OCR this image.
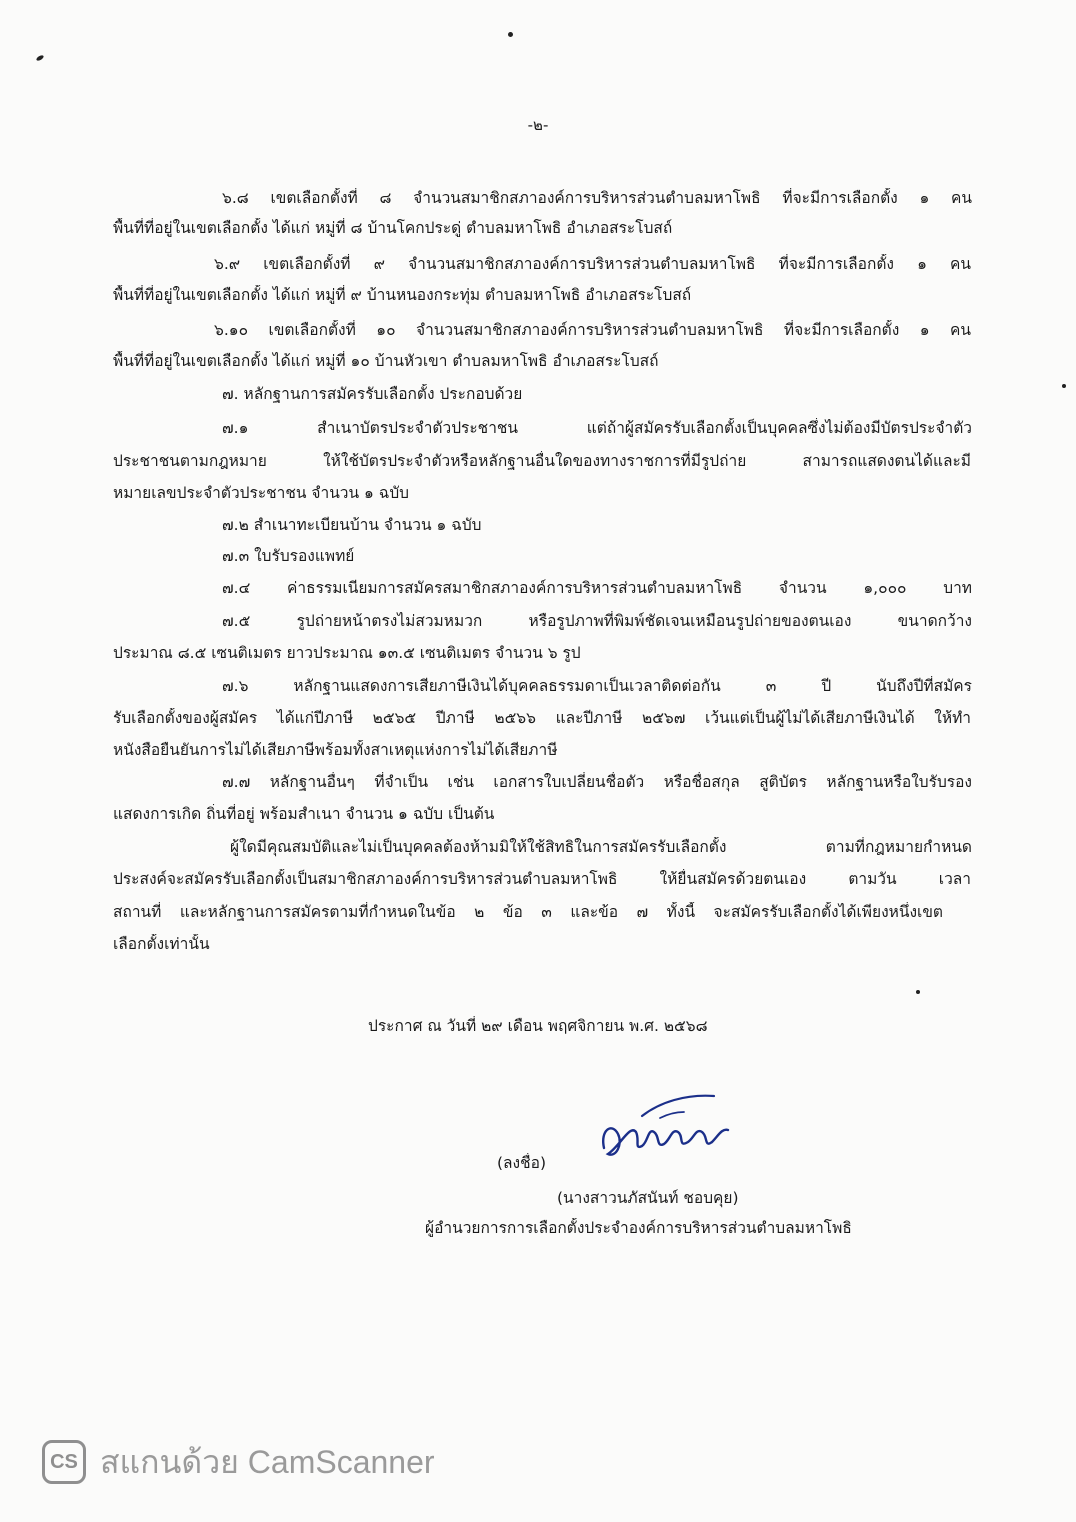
-๒-
๖.๘ เขตเลือกตั้งที่ ๘ จำนวนสมาชิกสภาองค์การบริหารส่วนตำบลมหาโพธิ ที่จะมีการเลือกตั้ง ๑ คน
พื้นที่ที่อยู่ในเขตเลือกตั้ง ได้แก่ หมู่ที่ ๘ บ้านโคกประดู่ ตำบลมหาโพธิ อำเภอสระโบสถ์
๖.๙ เขตเลือกตั้งที่ ๙ จำนวนสมาชิกสภาองค์การบริหารส่วนตำบลมหาโพธิ ที่จะมีการเลือกตั้ง ๑ คน
พื้นที่ที่อยู่ในเขตเลือกตั้ง ได้แก่ หมู่ที่ ๙ บ้านหนองกระทุ่ม ตำบลมหาโพธิ อำเภอสระโบสถ์
๖.๑๐ เขตเลือกตั้งที่ ๑๐ จำนวนสมาชิกสภาองค์การบริหารส่วนตำบลมหาโพธิ ที่จะมีการเลือกตั้ง ๑ คน
พื้นที่ที่อยู่ในเขตเลือกตั้ง ได้แก่ หมู่ที่ ๑๐ บ้านหัวเขา ตำบลมหาโพธิ อำเภอสระโบสถ์
๗. หลักฐานการสมัครรับเลือกตั้ง ประกอบด้วย
๗.๑ สำเนาบัตรประจำตัวประชาชน แต่ถ้าผู้สมัครรับเลือกตั้งเป็นบุคคลซึ่งไม่ต้องมีบัตรประจำตัว
ประชาชนตามกฎหมาย ให้ใช้บัตรประจำตัวหรือหลักฐานอื่นใดของทางราชการที่มีรูปถ่าย สามารถแสดงตนได้และมี
หมายเลขประจำตัวประชาชน จำนวน ๑ ฉบับ
๗.๒ สำเนาทะเบียนบ้าน จำนวน ๑ ฉบับ
๗.๓ ใบรับรองแพทย์
๗.๔ ค่าธรรมเนียมการสมัครสมาชิกสภาองค์การบริหารส่วนตำบลมหาโพธิ จำนวน ๑,๐๐๐ บาท
๗.๕ รูปถ่ายหน้าตรงไม่สวมหมวก หรือรูปภาพที่พิมพ์ชัดเจนเหมือนรูปถ่ายของตนเอง ขนาดกว้าง
ประมาณ ๘.๕ เซนติเมตร ยาวประมาณ ๑๓.๕ เซนติเมตร จำนวน ๖ รูป
๗.๖ หลักฐานแสดงการเสียภาษีเงินได้บุคคลธรรมดาเป็นเวลาติดต่อกัน ๓ ปี นับถึงปีที่สมัคร
รับเลือกตั้งของผู้สมัคร ได้แก่ปีภาษี ๒๕๖๕ ปีภาษี ๒๕๖๖ และปีภาษี ๒๕๖๗ เว้นแต่เป็นผู้ไม่ได้เสียภาษีเงินได้ ให้ทำ
หนังสือยืนยันการไม่ได้เสียภาษีพร้อมทั้งสาเหตุแห่งการไม่ได้เสียภาษี
๗.๗ หลักฐานอื่นๆ ที่จำเป็น เช่น เอกสารใบเปลี่ยนชื่อตัว หรือชื่อสกุล สูติบัตร หลักฐานหรือใบรับรอง
แสดงการเกิด ถิ่นที่อยู่ พร้อมสำเนา จำนวน ๑ ฉบับ เป็นต้น
ผู้ใดมีคุณสมบัติและไม่เป็นบุคคลต้องห้ามมิให้ใช้สิทธิในการสมัครรับเลือกตั้ง ตามที่กฎหมายกำหนด
ประสงค์จะสมัครรับเลือกตั้งเป็นสมาชิกสภาองค์การบริหารส่วนตำบลมหาโพธิ ให้ยื่นสมัครด้วยตนเอง ตามวัน เวลา
สถานที่ และหลักฐานการสมัครตามที่กำหนดในข้อ ๒ ข้อ ๓ และข้อ ๗ ทั้งนี้ จะสมัครรับเลือกตั้งได้เพียงหนึ่งเขต
เลือกตั้งเท่านั้น
ประกาศ ณ วันที่ ๒๙ เดือน พฤศจิกายน พ.ศ. ๒๕๖๘
(ลงชื่อ)
(นางสาวนภัสนันท์ ชอบคุย)
ผู้อำนวยการการเลือกตั้งประจำองค์การบริหารส่วนตำบลมหาโพธิ
CS สแกนด้วย CamScanner
